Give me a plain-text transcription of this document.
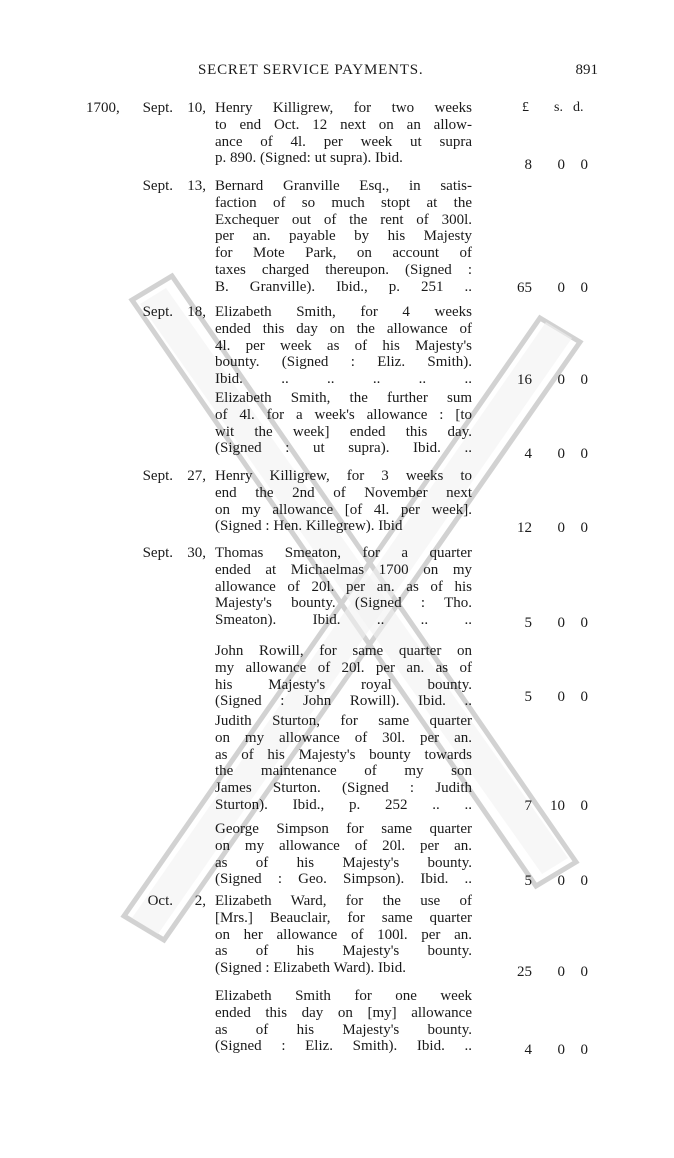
SECRET SERVICE PAYMENTS.	891
£ s. d.
1700, Sept. 10, Henry Killigrew, for two weeks
to end Oct. 12 next on an allow-
ance of 4l. per week ut supra
p. 890. (Signed: ut supra). Ibid.	8 0 0
Sept. 13, Bernard Granville Esq., in satis-
faction of so much stopt at the
Exchequer out of the rent of 300l.
per an. payable by his Majesty
for Mote Park, on account of
taxes charged thereupon. (Signed :
B. Granville). Ibid., p. 251 ..	65 0 0
Sept. 18, Elizabeth Smith, for 4 weeks
ended this day on the allowance of
4l. per week as of his Majesty's
bounty. (Signed : Eliz. Smith).
Ibid. .. .. .. .. ..	16 0 0
Elizabeth Smith, the further sum
of 4l. for a week's allowance : [to
wit the week] ended this day.
(Signed : ut supra). Ibid. ..	4 0 0
Sept. 27, Henry Killigrew, for 3 weeks to
end the 2nd of November next
on my allowance [of 4l. per week].
(Signed : Hen. Killegrew). Ibid	12 0 0
Sept. 30, Thomas Smeaton, for a quarter
ended at Michaelmas 1700 on my
allowance of 20l. per an. as of his
Majesty's bounty. (Signed : Tho.
Smeaton). Ibid. .. .. ..	5 0 0
John Rowill, for same quarter on
my allowance of 20l. per an. as of
his Majesty's royal bounty.
(Signed : John Rowill). Ibid. ..	5 0 0
Judith Sturton, for same quarter
on my allowance of 30l. per an.
as of his Majesty's bounty towards
the maintenance of my son
James Sturton. (Signed : Judith
Sturton). Ibid., p. 252 .. ..	7 10 0
George Simpson for same quarter
on my allowance of 20l. per an.
as of his Majesty's bounty.
(Signed : Geo. Simpson). Ibid. ..	5 0 0
Oct.	2, Elizabeth Ward, for the use of
[Mrs.] Beauclair, for same quarter
on her allowance of 100l. per an.
as of his Majesty's bounty.
(Signed : Elizabeth Ward). Ibid.	25 0 0
Elizabeth Smith for one week
ended this day on [my] allowance
as of his Majesty's bounty.
(Signed : Eliz. Smith). Ibid. ..	4 0 0
